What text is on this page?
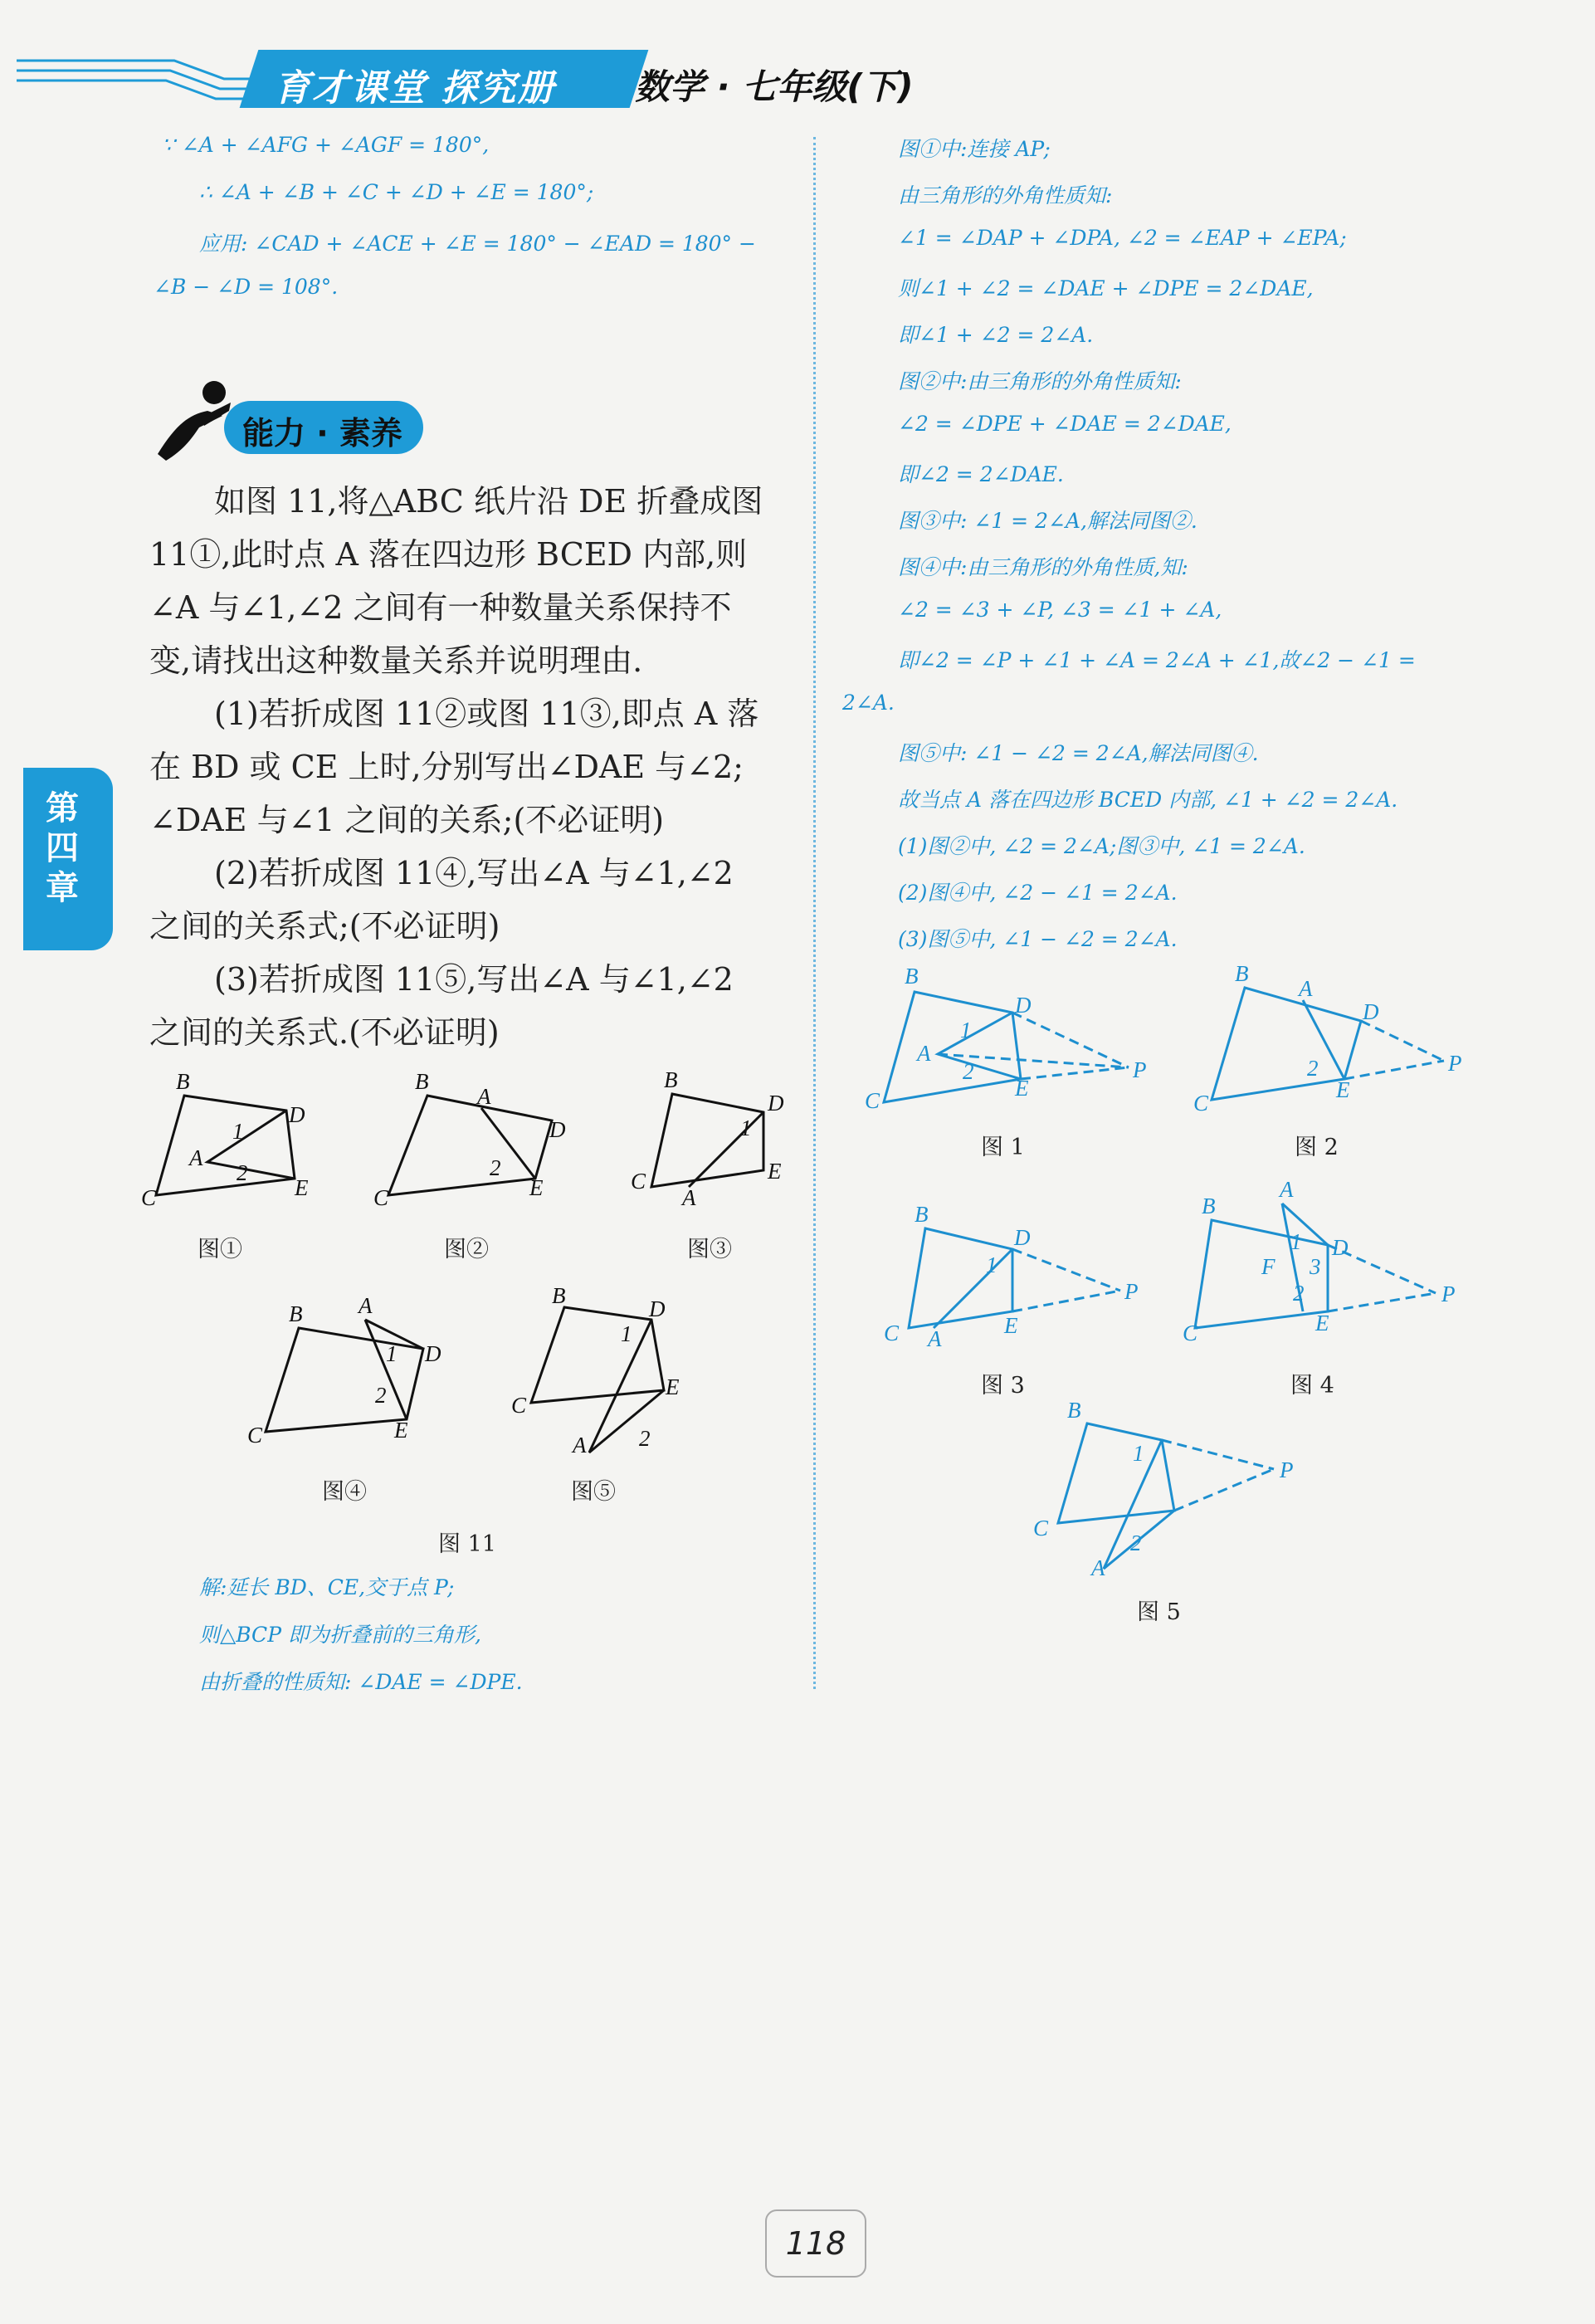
育才课堂 探究册 数学 · 七年级(下)
第四章
∵ ∠A + ∠AFG + ∠AGF = 180°,
∴ ∠A + ∠B + ∠C + ∠D + ∠E = 180°;
应用: ∠CAD + ∠ACE + ∠E = 180° − ∠EAD = 180° −
∠B − ∠D = 108°.
能力 · 素养
如图 11,将△ABC 纸片沿 DE 折叠成图
11①,此时点 A 落在四边形 BCED 内部,则
∠A 与∠1,∠2 之间有一种数量关系保持不
变,请找出这种数量关系并说明理由.
(1)若折成图 11②或图 11③,即点 A 落
在 BD 或 CE 上时,分别写出∠DAE 与∠2;
∠DAE 与∠1 之间的关系;(不必证明)
(2)若折成图 11④,写出∠A 与∠1,∠2
之间的关系式;(不必证明)
(3)若折成图 11⑤,写出∠A 与∠1,∠2
之间的关系式.(不必证明)
B
C
D
E
A
1
2
B
C
D
E
A
2
B
C
D
E
A
1
B
C
D
E
A
1
2
B
C
D
E
A
1
2
图①	图②	图③
图④	图⑤
图 11
解:延长 BD、CE,交于点 P;
则△BCP 即为折叠前的三角形,
由折叠的性质知: ∠DAE = ∠DPE.
图①中:连接 AP;
由三角形的外角性质知:
∠1 = ∠DAP + ∠DPA, ∠2 = ∠EAP + ∠EPA;
则∠1 + ∠2 = ∠DAE + ∠DPE = 2∠DAE,
即∠1 + ∠2 = 2∠A.
图②中:由三角形的外角性质知:
∠2 = ∠DPE + ∠DAE = 2∠DAE,
即∠2 = 2∠DAE.
图③中: ∠1 = 2∠A,解法同图②.
图④中:由三角形的外角性质,知:
∠2 = ∠3 + ∠P, ∠3 = ∠1 + ∠A,
即∠2 = ∠P + ∠1 + ∠A = 2∠A + ∠1,故∠2 − ∠1 =
2∠A.
图⑤中: ∠1 − ∠2 = 2∠A,解法同图④.
故当点 A 落在四边形 BCED 内部, ∠1 + ∠2 = 2∠A.
(1)图②中, ∠2 = 2∠A;图③中, ∠1 = 2∠A.
(2)图④中, ∠2 − ∠1 = 2∠A.
(3)图⑤中, ∠1 − ∠2 = 2∠A.
B
C
D
E
A
P
1
2
B
C
D
E
A
P
2
B
C
D
E
A
P
1
B
C
D
E
A
F
P
1
3
2
B
C
A
P
1
2
图 1	图 2
图 3	图 4
图 5
118
